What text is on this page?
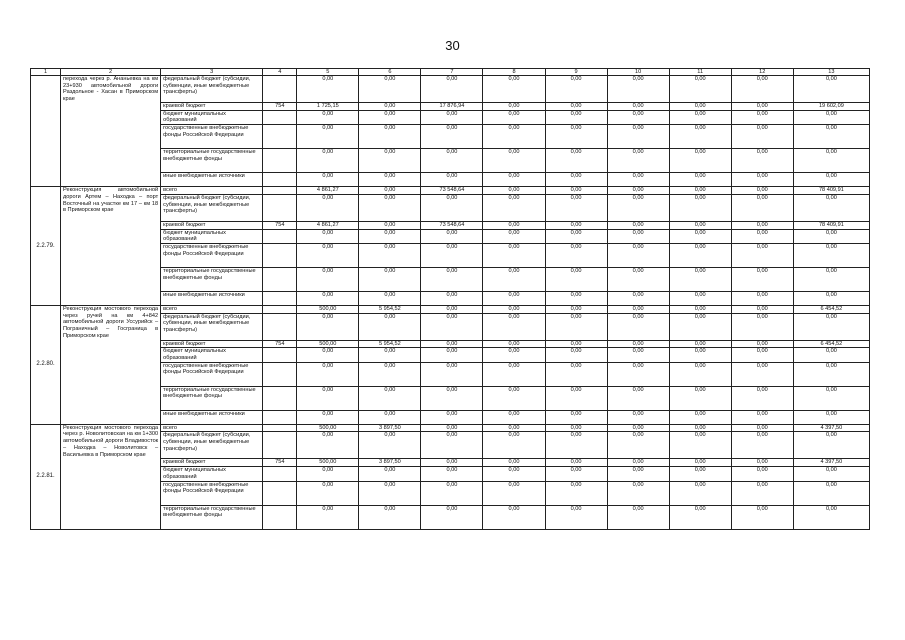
30
1	2	3	4	5	6	7	8	9	10	11	12	13
	перехода через р. Ананьевка на км 23+930 автомобильной дороги Раздольное - Хасан в Приморском крае	федеральный бюджет (субсидии, субвенции, иные межбюджетные трансферты)		0,00	0,00	0,00	0,00	0,00	0,00	0,00	0,00	0,00
		краевой бюджет	754	1 725,15	0,00	17 876,94	0,00	0,00	0,00	0,00	0,00	19 602,09
		бюджет муниципальных образований		0,00	0,00	0,00	0,00	0,00	0,00	0,00	0,00	0,00
		государственные внебюджетные фонды Российской Федерации		0,00	0,00	0,00	0,00	0,00	0,00	0,00	0,00	0,00
		территориальные государственные внебюджетные фонды		0,00	0,00	0,00	0,00	0,00	0,00	0,00	0,00	0,00
		иные внебюджетные источники		0,00	0,00	0,00	0,00	0,00	0,00	0,00	0,00	0,00
2.2.79.	Реконструкция автомобильной дороги Артем – Находка – порт Восточный на участке км 17 – км 18 в Приморском крае	всего		4 861,27	0,00	73 548,64	0,00	0,00	0,00	0,00	0,00	78 409,91
		федеральный бюджет (субсидии, субвенции, иные межбюджетные трансферты)		0,00	0,00	0,00	0,00	0,00	0,00	0,00	0,00	0,00
		краевой бюджет	754	4 861,27	0,00	73 548,64	0,00	0,00	0,00	0,00	0,00	78 409,91
		бюджет муниципальных образований		0,00	0,00	0,00	0,00	0,00	0,00	0,00	0,00	0,00
		государственные внебюджетные фонды Российской Федерации		0,00	0,00	0,00	0,00	0,00	0,00	0,00	0,00	0,00
		территориальные государственные внебюджетные фонды		0,00	0,00	0,00	0,00	0,00	0,00	0,00	0,00	0,00
		иные внебюджетные источники		0,00	0,00	0,00	0,00	0,00	0,00	0,00	0,00	0,00
2.2.80.	Реконструкция мостового перехода через ручей на км 4+842 автомобильной дороги Уссурийск – Пограничный – Госграница в Приморском крае	всего		500,00	5 954,52	0,00	0,00	0,00	0,00	0,00	0,00	6 454,52
		федеральный бюджет (субсидии, субвенции, иные межбюджетные трансферты)		0,00	0,00	0,00	0,00	0,00	0,00	0,00	0,00	0,00
		краевой бюджет	754	500,00	5 954,52	0,00	0,00	0,00	0,00	0,00	0,00	6 454,52
		бюджет муниципальных образований		0,00	0,00	0,00	0,00	0,00	0,00	0,00	0,00	0,00
		государственные внебюджетные фонды Российской Федерации		0,00	0,00	0,00	0,00	0,00	0,00	0,00	0,00	0,00
		территориальные государственные внебюджетные фонды		0,00	0,00	0,00	0,00	0,00	0,00	0,00	0,00	0,00
		иные внебюджетные источники		0,00	0,00	0,00	0,00	0,00	0,00	0,00	0,00	0,00
2.2.81.	Реконструкция мостового перехода через р. Новолитовская на км 1+300 автомобильной дороги Владивосток – Находка – Новолитовск – Васильевка в Приморском крае	всего		500,00	3 897,50	0,00	0,00	0,00	0,00	0,00	0,00	4 397,50
		федеральный бюджет (субсидии, субвенции, иные межбюджетные трансферты)		0,00	0,00	0,00	0,00	0,00	0,00	0,00	0,00	0,00
		краевой бюджет	754	500,00	3 897,50	0,00	0,00	0,00	0,00	0,00	0,00	4 397,50
		бюджет муниципальных образований		0,00	0,00	0,00	0,00	0,00	0,00	0,00	0,00	0,00
		государственные внебюджетные фонды Российской Федерации		0,00	0,00	0,00	0,00	0,00	0,00	0,00	0,00	0,00
		территориальные государственные внебюджетные фонды		0,00	0,00	0,00	0,00	0,00	0,00	0,00	0,00	0,00
